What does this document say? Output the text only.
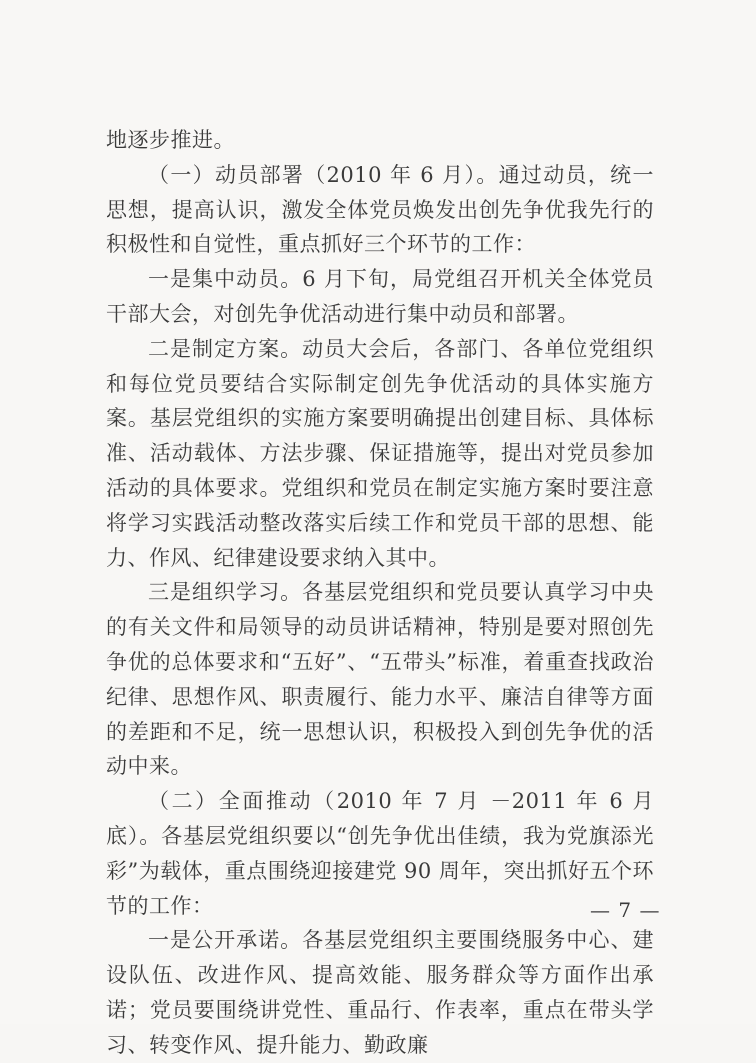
地逐步推进。

（一）动员部署（2010 年 6 月）。通过动员，统一思想，提高认识，激发全体党员焕发出创先争优我先行的积极性和自觉性，重点抓好三个环节的工作：

一是集中动员。6 月下旬，局党组召开机关全体党员干部大会，对创先争优活动进行集中动员和部署。

二是制定方案。动员大会后，各部门、各单位党组织和每位党员要结合实际制定创先争优活动的具体实施方案。基层党组织的实施方案要明确提出创建目标、具体标准、活动载体、方法步骤、保证措施等，提出对党员参加活动的具体要求。党组织和党员在制定实施方案时要注意将学习实践活动整改落实后续工作和党员干部的思想、能力、作风、纪律建设要求纳入其中。

三是组织学习。各基层党组织和党员要认真学习中央的有关文件和局领导的动员讲话精神，特别是要对照创先争优的总体要求和“五好”、“五带头”标准，着重查找政治纪律、思想作风、职责履行、能力水平、廉洁自律等方面的差距和不足，统一思想认识，积极投入到创先争优的活动中来。

（二）全面推动（2010 年 7 月 －2011 年 6 月底）。各基层党组织要以“创先争优出佳绩，我为党旗添光彩”为载体，重点围绕迎接建党 90 周年，突出抓好五个环节的工作：

一是公开承诺。各基层党组织主要围绕服务中心、建设队伍、改进作风、提高效能、服务群众等方面作出承诺；党员要围绕讲党性、重品行、作表率，重点在带头学习、转变作风、提升能力、勤政廉

— 7 —
